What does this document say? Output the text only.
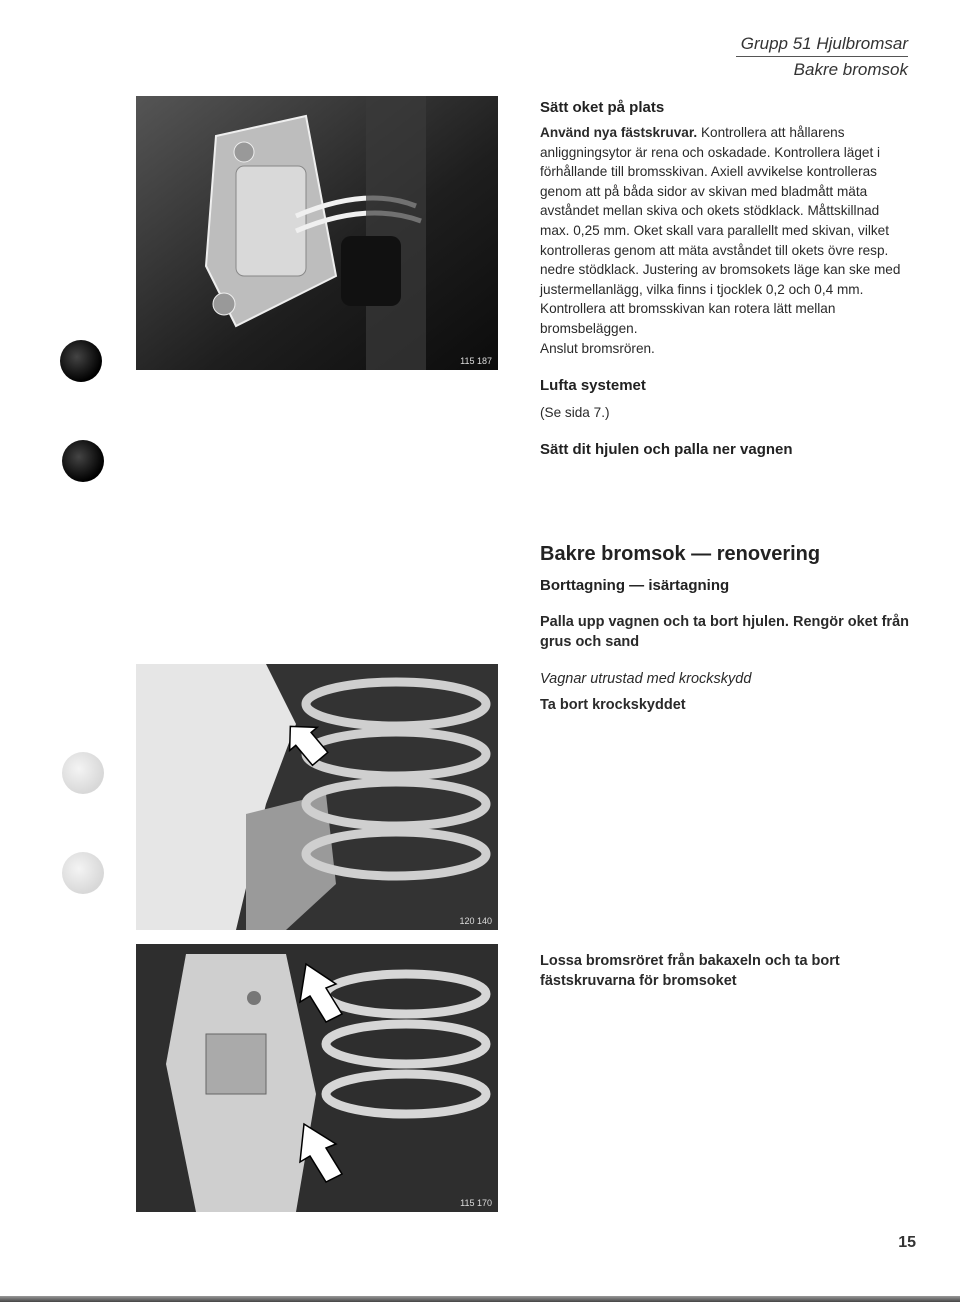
Grupp 51 Hjulbromsar
Bakre bromsok
115 187
120 140
115 170
Sätt oket på plats
Använd nya fästskruvar. Kontrollera att hållarens anliggningsytor är rena och oskadade. Kontrollera läget i förhållande till bromsskivan. Axiell avvikelse kontrolleras genom att på båda sidor av skivan med bladmått mäta avståndet mellan skiva och okets stödklack. Måttskillnad max. 0,25 mm. Oket skall vara parallellt med skivan, vilket kontrolleras genom att mäta avståndet till okets övre resp. nedre stödklack. Justering av bromsokets läge kan ske med justermellanlägg, vilka finns i tjocklek 0,2 och 0,4 mm. Kontrollera att bromsskivan kan rotera lätt mellan bromsbeläggen.
Anslut bromsrören.
Lufta systemet
(Se sida 7.)
Sätt dit hjulen och palla ner vagnen
Bakre bromsok — renovering
Borttagning — isärtagning
Palla upp vagnen och ta bort hjulen. Rengör oket från grus och sand
Vagnar utrustad med krockskydd
Ta bort krockskyddet
Lossa bromsröret från bakaxeln och ta bort fästskruvarna för bromsoket
15
